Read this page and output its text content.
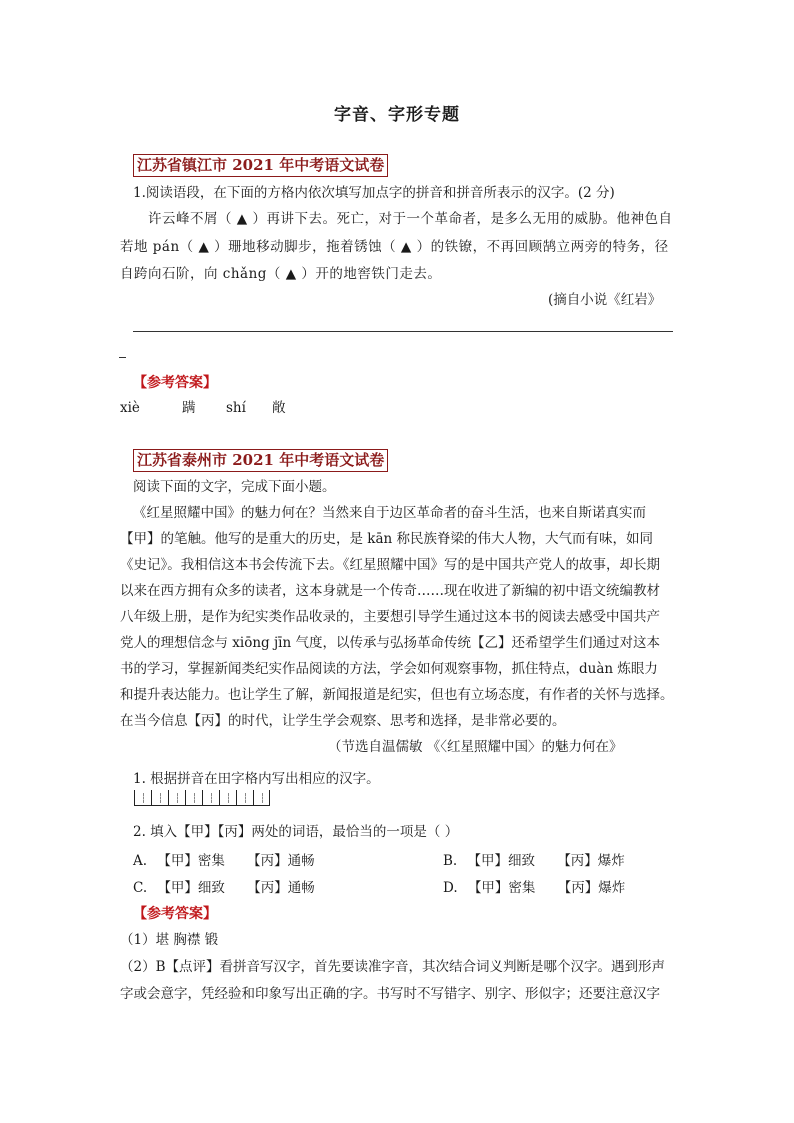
字音、字形专题
江苏省镇江市 2021 年中考语文试卷
1.阅读语段，在下面的方格内依次填写加点字的拼音和拼音所表示的汉字。(2 分)
许云峰不屑（ ▲ ）再讲下去。死亡，对于一个革命者，是多么无用的威胁。他神色自
若地 pán（ ▲ ）珊地移动脚步，拖着锈蚀（ ▲ ）的铁镣，不再回顾鹄立两旁的特务，径
自跨向石阶，向 chǎng（ ▲ ）开的地窖铁门走去。
(摘自小说《红岩》
【参考答案】
xiè	蹒 shí 敞
江苏省泰州市 2021 年中考语文试卷
阅读下面的文字，完成下面小题。
《红星照耀中国》的魅力何在？当然来自于边区革命者的奋斗生活，也来自斯诺真实而
【甲】的笔触。他写的是重大的历史，是 kān 称民族脊梁的伟大人物，大气而有味，如同
《史记》。我相信这本书会传流下去。《红星照耀中国》写的是中国共产党人的故事，却长期
以来在西方拥有众多的读者，这本身就是一个传奇……现在收进了新编的初中语文统编教材
八年级上册，是作为纪实类作品收录的，主要想引导学生通过这本书的阅读去感受中国共产
党人的理想信念与 xiōng jīn 气度，以传承与弘扬革命传统【乙】还希望学生们通过对这本
书的学习，掌握新闻类纪实作品阅读的方法，学会如何观察事物，抓住特点，duàn 炼眼力
和提升表达能力。也让学生了解，新闻报道是纪实，但也有立场态度，有作者的关怀与选择。
在当今信息【丙】的时代，让学生学会观察、思考和选择，是非常必要的。
（节选自温儒敏 《〈红星照耀中国〉的魅力何在》
1. 根据拼音在田字格内写出相应的汉字。
2. 填入【甲】【丙】两处的词语，最恰当的一项是（ ）
A. 【甲】密集 【丙】通畅	B. 【甲】细致 【丙】爆炸
C. 【甲】细致 【丙】通畅	D. 【甲】密集 【丙】爆炸
【参考答案】
（1）堪 胸襟 锻
（2）B【点评】看拼音写汉字，首先要读准字音，其次结合词义判断是哪个汉字。遇到形声
字或会意字，凭经验和印象写出正确的字。书写时不写错字、别字、形似字；还要注意汉字
